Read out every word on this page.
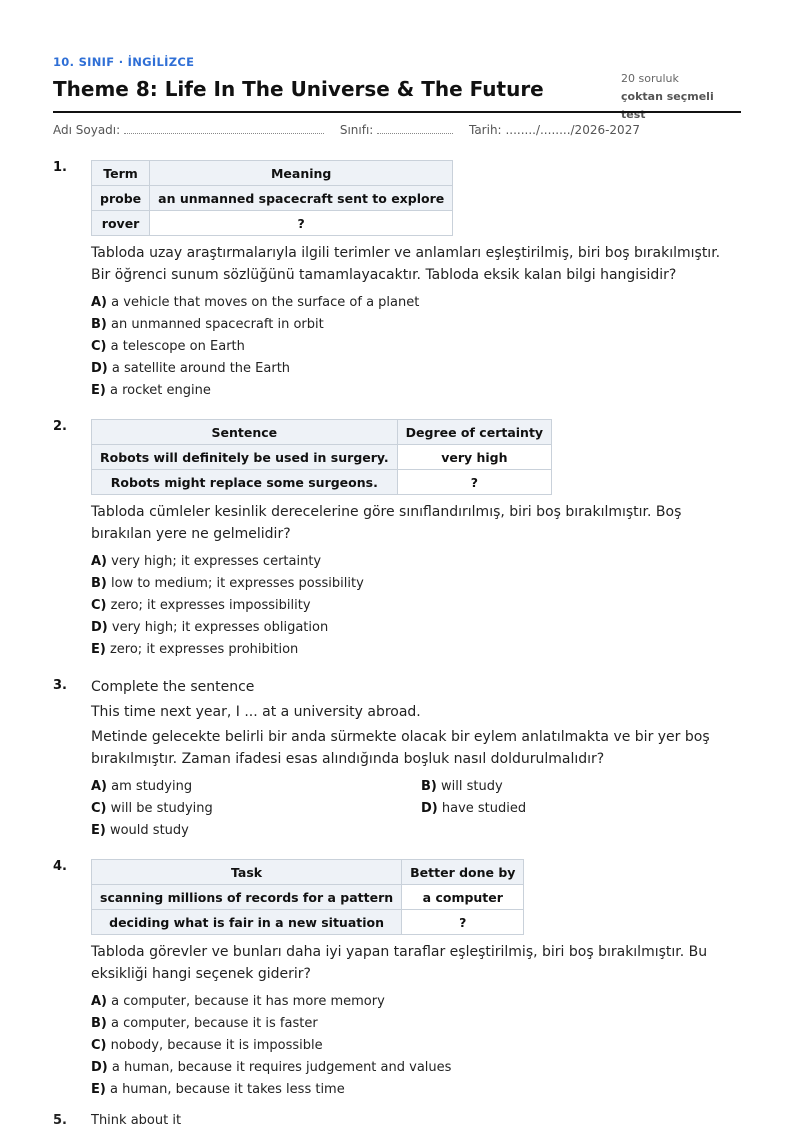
10. SINIF · İNGİLİZCE
Theme 8: Life In The Universe & The Future	20 soruluk
çoktan seçmeli test
Adı Soyadı:	Sınıfı:	Tarih: ......../......../2026-2027
1.	Term	Meaning
probe	an unmanned spacecraft sent to explore
rover	?
Tabloda uzay araştırmalarıyla ilgili terimler ve anlamları eşleştirilmiş, biri boş bırakılmıştır. Bir öğrenci sunum sözlüğünü tamamlayacaktır. Tabloda eksik kalan bilgi hangisidir?
A) a vehicle that moves on the surface of a planet
B) an unmanned spacecraft in orbit
C) a telescope on Earth
D) a satellite around the Earth
E) a rocket engine
2.	Sentence	Degree of certainty
Robots will definitely be used in surgery.	very high
Robots might replace some surgeons.	?
Tabloda cümleler kesinlik derecelerine göre sınıflandırılmış, biri boş bırakılmıştır. Boş bırakılan yere ne gelmelidir?
A) very high; it expresses certainty
B) low to medium; it expresses possibility
C) zero; it expresses impossibility
D) very high; it expresses obligation
E) zero; it expresses prohibition
3. Complete the sentence
This time next year, I ... at a university abroad.
Metinde gelecekte belirli bir anda sürmekte olacak bir eylem anlatılmakta ve bir yer boş bırakılmıştır. Zaman ifadesi esas alındığında boşluk nasıl doldurulmalıdır?
A) am studying	B) will study
C) will be studying	D) have studied
E) would study
4.	Task	Better done by
scanning millions of records for a pattern	a computer
deciding what is fair in a new situation	?
Tabloda görevler ve bunları daha iyi yapan taraflar eşleştirilmiş, biri boş bırakılmıştır. Bu eksikliği hangi seçenek giderir?
A) a computer, because it has more memory
B) a computer, because it is faster
C) nobody, because it is impossible
D) a human, because it requires judgement and values
E) a human, because it takes less time
5. Think about it
